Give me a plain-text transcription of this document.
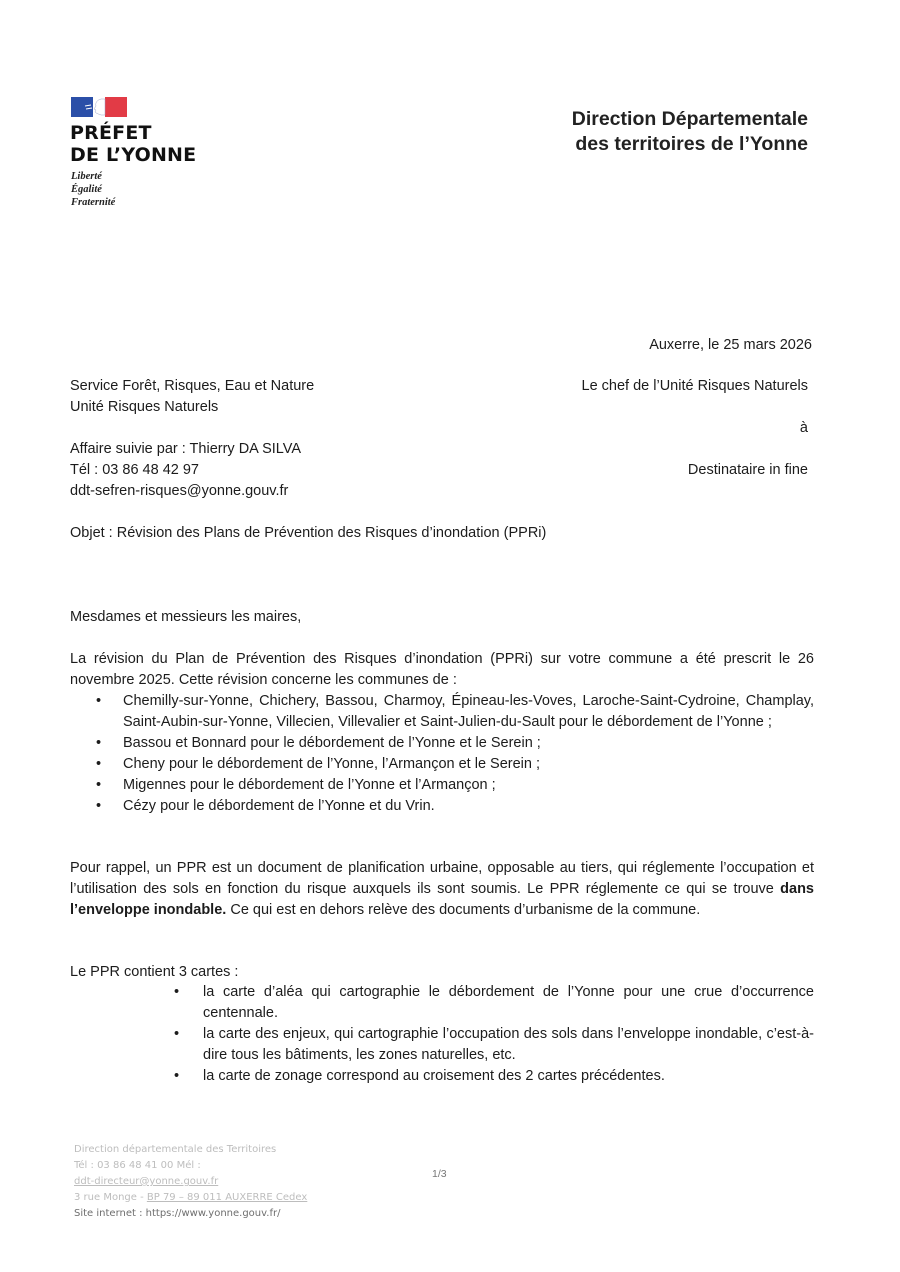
PRÉFET
DE L’YONNE
Liberté
Égalité
Fraternité
Direction Départementale
des territoires de l’Yonne
Auxerre, le 25 mars 2026
Service Forêt, Risques, Eau et Nature
Unité Risques Naturels
Le chef de l’Unité Risques Naturels
à
Affaire suivie par : Thierry DA SILVA
Tél : 03 86 48 42 97
ddt-sefren-risques@yonne.gouv.fr
Destinataire in fine
Objet : Révision des Plans de Prévention des Risques d’inondation (PPRi)
Mesdames et messieurs les maires,
La révision du Plan de Prévention des Risques d’inondation (PPRi) sur votre commune a été prescrit le 26 novembre 2025. Cette révision concerne les communes de :
• Chemilly-sur-Yonne, Chichery, Bassou, Charmoy, Épineau-les-Voves, Laroche-Saint-Cydroine, Champlay, Saint-Aubin-sur-Yonne, Villecien, Villevalier et Saint-Julien-du-Sault pour le débordement de l’Yonne ;
• Bassou et Bonnard pour le débordement de l’Yonne et le Serein ;
• Cheny pour le débordement de l’Yonne, l’Armançon et le Serein ;
• Migennes pour le débordement de l’Yonne et l’Armançon ;
• Cézy pour le débordement de l’Yonne et du Vrin.
Pour rappel, un PPR est un document de planification urbaine, opposable au tiers, qui réglemente l’occupation et l’utilisation des sols en fonction du risque auxquels ils sont soumis. Le PPR réglemente ce qui se trouve dans l’enveloppe inondable. Ce qui est en dehors relève des documents d’urbanisme de la commune.
Le PPR contient 3 cartes :
• la carte d’aléa qui cartographie le débordement de l’Yonne pour une crue d’occurrence centennale.
• la carte des enjeux, qui cartographie l’occupation des sols dans l’enveloppe inondable, c’est-à-dire tous les bâtiments, les zones naturelles, etc.
• la carte de zonage correspond au croisement des 2 cartes précédentes.
Direction départementale des Territoires
Tél : 03 86 48 41 00 Mél :
ddt-directeur@yonne.gouv.fr
3 rue Monge - BP 79 – 89 011 AUXERRE Cedex
Site internet : https://www.yonne.gouv.fr/
1/3
